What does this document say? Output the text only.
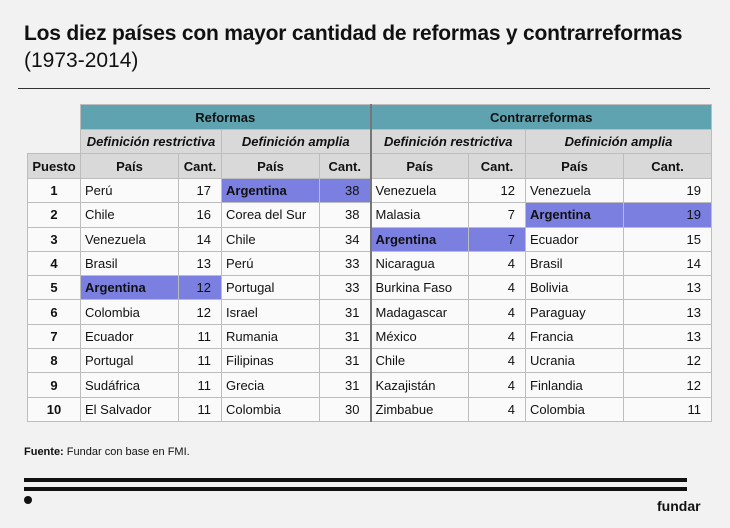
Los diez países con mayor cantidad de reformas y contrarreformas
(1973-2014)
	Reformas				Contrarreformas			
	Definición restrictiva		Definición amplia		Definición restrictiva		Definición amplia	
Puesto	País	Cant.	País	Cant.	País	Cant.	País	Cant.
1	Perú	17	Argentina	38	Venezuela	12	Venezuela	19
2	Chile	16	Corea del Sur	38	Malasia	7	Argentina	19
3	Venezuela	14	Chile	34	Argentina	7	Ecuador	15
4	Brasil	13	Perú	33	Nicaragua	4	Brasil	14
5	Argentina	12	Portugal	33	Burkina Faso	4	Bolivia	13
6	Colombia	12	Israel	31	Madagascar	4	Paraguay	13
7	Ecuador	11	Rumania	31	México	4	Francia	13
8	Portugal	11	Filipinas	31	Chile	4	Ucrania	12
9	Sudáfrica	11	Grecia	31	Kazajistán	4	Finlandia	12
10	El Salvador	11	Colombia	30	Zimbabue	4	Colombia	11
Fuente: Fundar con base en FMI.
fundar
